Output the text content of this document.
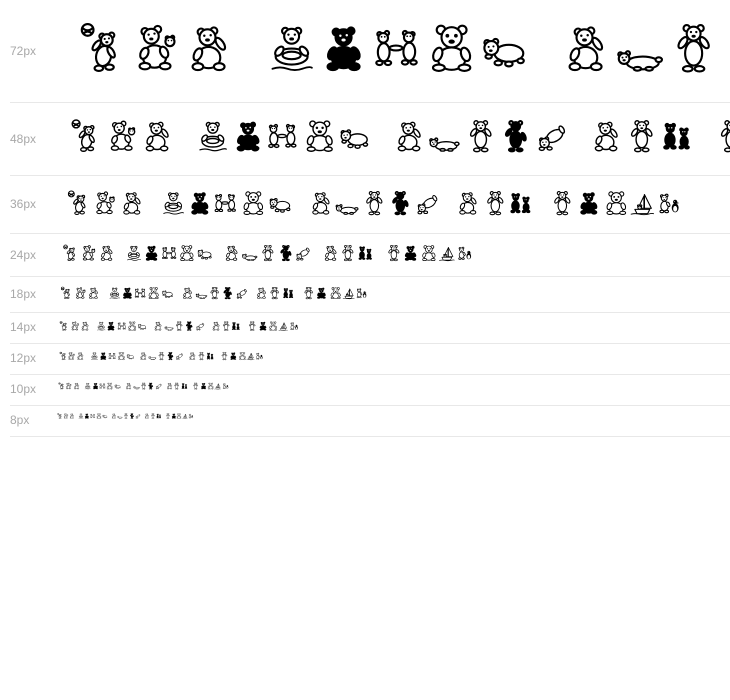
72px
48px
36px
24px
18px
14px
12px
10px
8px
